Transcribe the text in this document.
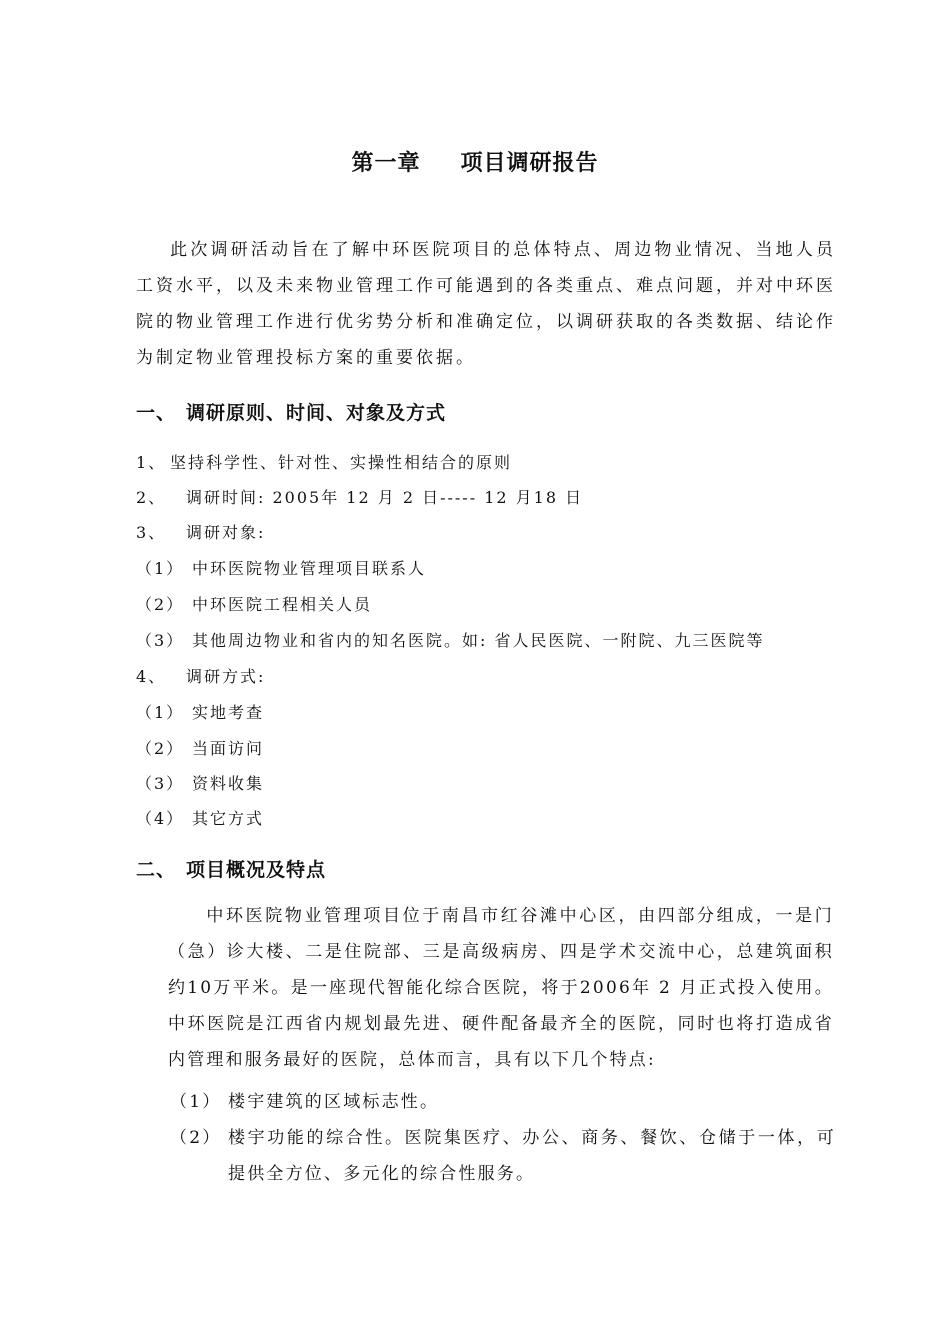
第一章 项目调研报告
此次调研活动旨在了解中环医院项目的总体特点、周边物业情况、当地人员工资水平，以及未来物业管理工作可能遇到的各类重点、难点问题，并对中环医院的物业管理工作进行优劣势分析和准确定位，以调研获取的各类数据、结论作为制定物业管理投标方案的重要依据。
一、 调研原则、时间、对象及方式
1、 坚持科学性、针对性、实操性相结合的原则
2、 调研时间: 2005年 12 月 2 日----- 12 月18 日
3、 调研对象:
（1） 中环医院物业管理项目联系人
（2） 中环医院工程相关人员
（3） 其他周边物业和省内的知名医院。如: 省人民医院、一附院、九三医院等
4、 调研方式:
（1） 实地考查
（2） 当面访问
（3） 资料收集
（4） 其它方式
二、 项目概况及特点
中环医院物业管理项目位于南昌市红谷滩中心区，由四部分组成，一是门（急）诊大楼、二是住院部、三是高级病房、四是学术交流中心，总建筑面积约10万平米。是一座现代智能化综合医院，将于2006年 2 月正式投入使用。中环医院是江西省内规划最先进、硬件配备最齐全的医院，同时也将打造成省内管理和服务最好的医院，总体而言，具有以下几个特点:
（1） 楼宇建筑的区域标志性。
（2） 楼宇功能的综合性。医院集医疗、办公、商务、餐饮、仓储于一体，可提供全方位、多元化的综合性服务。
